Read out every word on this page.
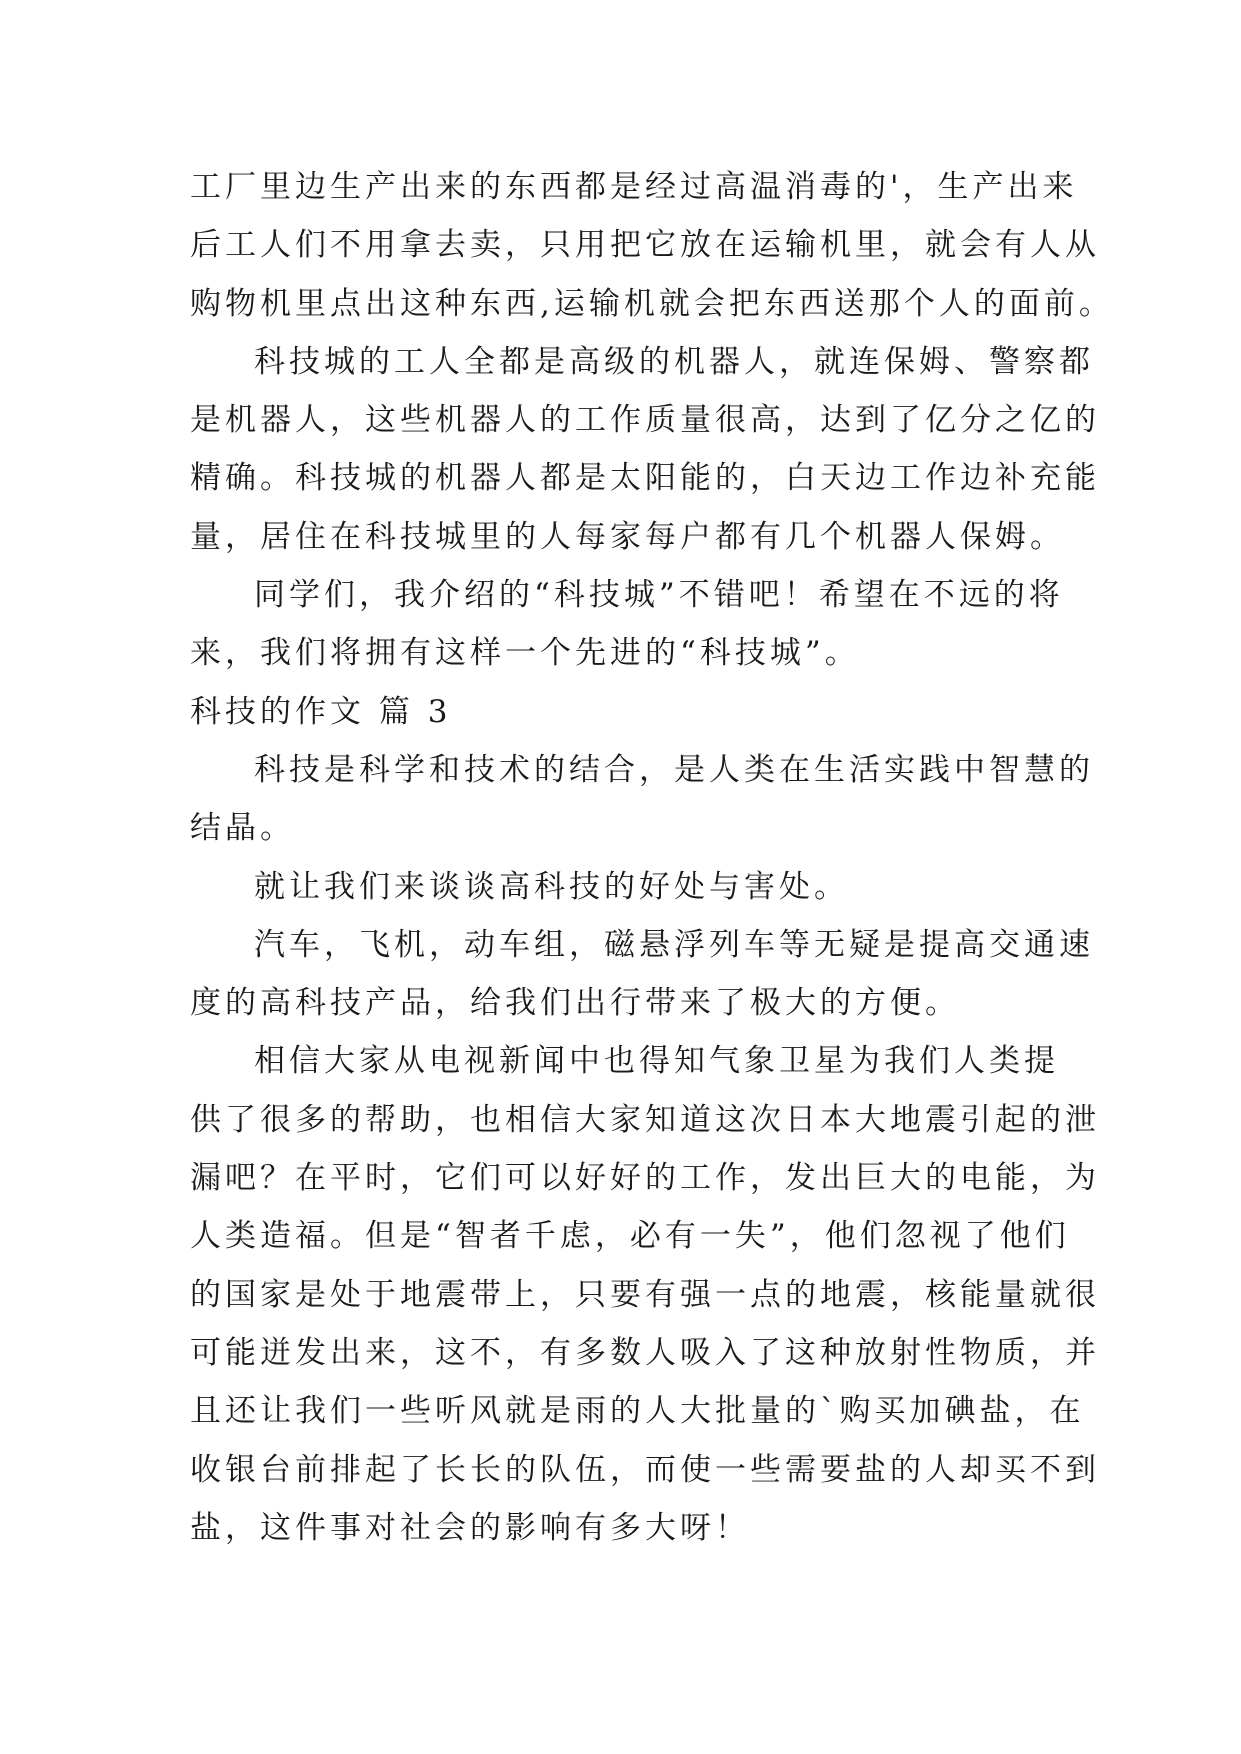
工厂里边生产出来的东西都是经过高温消毒的'，生产出来
后工人们不用拿去卖，只用把它放在运输机里，就会有人从
购物机里点出这种东西,运输机就会把东西送那个人的面前。
科技城的工人全都是高级的机器人，就连保姆、警察都
是机器人，这些机器人的工作质量很高，达到了亿分之亿的
精确。科技城的机器人都是太阳能的，白天边工作边补充能
量，居住在科技城里的人每家每户都有几个机器人保姆。
同学们，我介绍的“科技城”不错吧！希望在不远的将
来，我们将拥有这样一个先进的“科技城”。
科技的作文 篇 3
科技是科学和技术的结合，是人类在生活实践中智慧的
结晶。
就让我们来谈谈高科技的好处与害处。
汽车，飞机，动车组，磁悬浮列车等无疑是提高交通速
度的高科技产品，给我们出行带来了极大的方便。
相信大家从电视新闻中也得知气象卫星为我们人类提
供了很多的帮助，也相信大家知道这次日本大地震引起的泄
漏吧？在平时，它们可以好好的工作，发出巨大的电能，为
人类造福。但是“智者千虑，必有一失”，他们忽视了他们
的国家是处于地震带上，只要有强一点的地震，核能量就很
可能迸发出来，这不，有多数人吸入了这种放射性物质，并
且还让我们一些听风就是雨的人大批量的`购买加碘盐，在
收银台前排起了长长的队伍，而使一些需要盐的人却买不到
盐，这件事对社会的影响有多大呀！
